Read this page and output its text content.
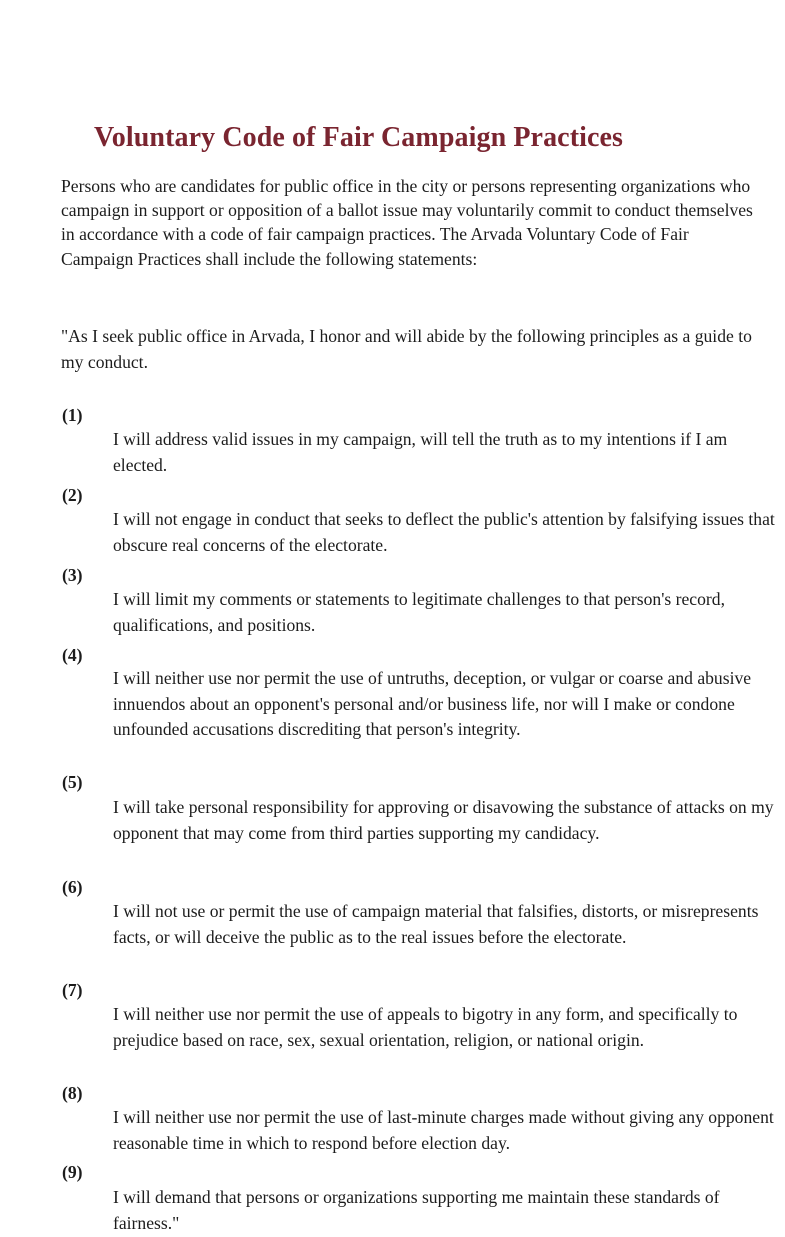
Voluntary Code of Fair Campaign Practices

Persons who are candidates for public office in the city or persons representing organizations who campaign in support or opposition of a ballot issue may voluntarily commit to conduct themselves in accordance with a code of fair campaign practices. The Arvada Voluntary Code of Fair Campaign Practices shall include the following statements:

"As I seek public office in Arvada, I honor and will abide by the following principles as a guide to my conduct.

(1)

I will address valid issues in my campaign, will tell the truth as to my intentions if I am elected.

(2)

I will not engage in conduct that seeks to deflect the public's attention by falsifying issues that obscure real concerns of the electorate.

(3)

I will limit my comments or statements to legitimate challenges to that person's record, qualifications, and positions.

(4)

I will neither use nor permit the use of untruths, deception, or vulgar or coarse and abusive innuendos about an opponent's personal and/or business life, nor will I make or condone unfounded accusations discrediting that person's integrity.

(5)

I will take personal responsibility for approving or disavowing the substance of attacks on my opponent that may come from third parties supporting my candidacy.

(6)

I will not use or permit the use of campaign material that falsifies, distorts, or misrepresents facts, or will deceive the public as to the real issues before the electorate.

(7)

I will neither use nor permit the use of appeals to bigotry in any form, and specifically to prejudice based on race, sex, sexual orientation, religion, or national origin.

(8)

I will neither use nor permit the use of last-minute charges made without giving any opponent reasonable time in which to respond before election day.

(9)

I will demand that persons or organizations supporting me maintain these standards of fairness."
